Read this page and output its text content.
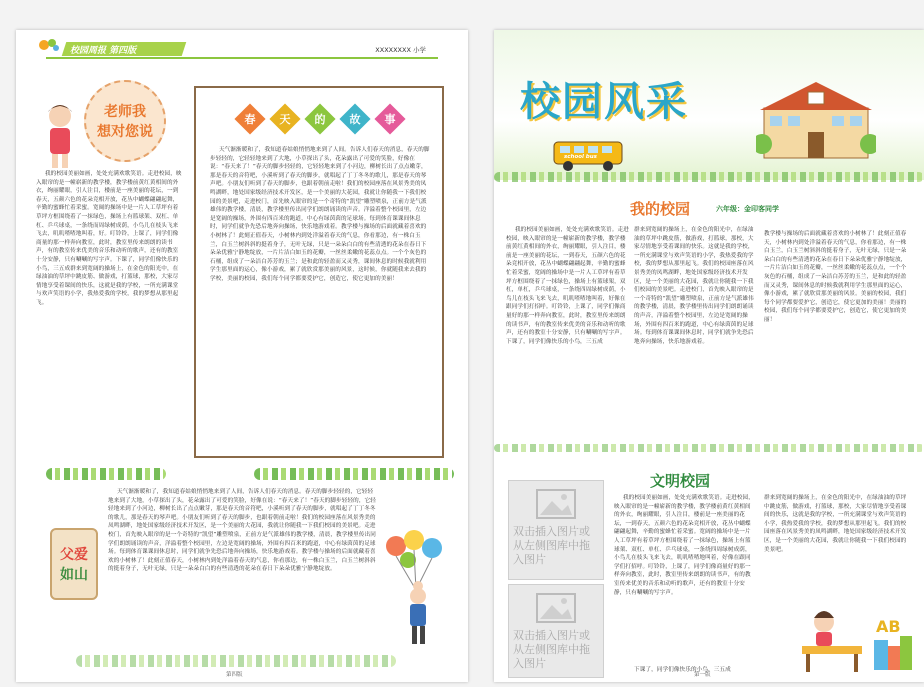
校园周报 第四版	XXXXXXXX 小学
老师我
想对您说
我的校园美丽如画，处处充满欢歌笑语。走进校园，映入眼帘的是一幢崭新的教学楼，教学楼前黄红黄相间的外衣，绚丽耀眼，引人注目，楼前是一座美丽的花坛，一到春天，五颜六色的花朵竞相开放，花丛中蝴蝶翩翩起舞，辛勤的蜜蜂忙着采蜜。宽阔的操场中是一片人工草坪有着草坪方框围绕着了一抹绿色，操场上有篮球架、双杠、单杠、乒乓球桌，一条绕而周绿树成荫，小鸟儿在枝头飞来飞去，叽叽喳喳地叫着，好。叮铃铃，上课了，同学们像商量的那一样奔向教室，此时，教室里传来朗朗的读书声，有的教室传来优美的音乐和动听的歌声，还有的教室十分安静，只有唰唰的写字声。下课了，同学们像快乐的小鸟，三五成群来到宽阔的操场上，在金色的阳光中，在绿油油的草坪中跳皮筋、做游戏，打篮球，那校，大家尽情地享受着课间的快乐，这就是我的学校，一所充满课堂与欢声笑语的小学，我热爱我的学校，我的梦想从那里起飞。
春
	天
	的
	故
	事
天气渐渐暖和了，我知道春姑娘悄悄地来到了人间。告诉人们春天的消息，春天的脚步轻轻的，它轻轻地来到了大地，小草探出了头，花朵露出了可爱的笑脸，好像在说：“春天来了！”春天的脚步轻轻的，它轻轻地来到了小河边，柳树长出了点点嫩芽，那是春天的音符吧，小溪听到了春天的脚步，就唱起了丁丁冬冬的歌儿，那是春天的琴声吧。小朋友们听到了春天的脚步，也跟着朝前走啦！我们的校园座落在风景秀美的凤鸣湖畔，地处国家级经济技术开发区，是一个美丽的大花园，我就让你随我一下我们校园的美景吧，走进校门，首先映入眼帘的是一个奇特的“凯望”雕塑喷泉，正前方是气派雄伟的教学楼，清晨，教学楼里传出同学们朗朗诵读的声音。洋溢着整个校园里，左边是宽阔的操场，外围有四百米的跑道，中心有绿茵茵的足球场。每到体育课课间休息时，同学们就争先恐后地奔向操场，快乐地游戏着。教学楼与操场的后面就藏着喜欢的小树林了！此刻正值春天，小树林内到处洋溢着春天的气息，你看那边，有一株白玉兰，白玉兰树斜斜的挺着身子，无叶无绿，只是一朵朵白白的有些清透的花朵在春日下朵朵优雅宁静地绽放，一片片洁白如玉的花瓣，一丝丝柔嫩的花蕊点点。一个个灰色的石桶，组成了一朵洁白苏芳的玉兰；是和此的轻盈而又灵秀，课间休息的时候我就利用学生那里面的运心，像小游戏，累了就欣赏那美丽的风景，这时候，你就随我来去我的学校，美丽的校园，我们每个同学都要爱护它，创造它，使它更加的美丽！
父爱
如山
天气渐渐暖和了，我知道春姑娘悄悄地来到了人间，告诉人们春天的消息。春天的脚步轻轻的，它轻轻地来到了大地，小草探出了头，花朵露出了可爱的笑脸，好像在说：“春天来了！”春天的脚步轻轻的，它轻轻地来到了小河边，柳树长出了点点嫩芽，那是春天的音符吧，小溪听到了春天的脚步，就唱起了丁丁冬冬的歌儿，那是春天的琴声吧。小朋友们听到了春天的脚步，也跟着朝前走啦！我们的校园座落在风景秀美的凤鸣湖畔，地处国家级经济技术开发区，是一个美丽的大花园，我就让你随我一下我们校园的美景吧。走进校门，首先映入眼帘的是一个奇特的“凯望”雕塑喷泉，正前方是气派雄伟的教学楼，清晨，教学楼里传出同学们朗朗诵读的声音，洋溢着整个校园里，左边是宽阔的操场，外围有四百米的跑道，中心有绿茵茵的足球场。每到体育课课间休息时，同学们就争先恐后地奔向操场，快乐地游戏着。教学楼与操场的后面就藏着喜欢的小树林了！此刻正值春天，小树林内到处洋溢着春天的气息，你看那边，有一株白玉兰，白玉兰树斜斜的挺着身子，无叶无绿，只是一朵朵白白的有些清透的花朵在春日下朵朵优雅宁静地绽放。
第四版
校园风采
school bus
我的校园	六年级：金印客同学
我的校园美丽如画，处处充满欢歌笑语。走进校园，映入眼帘的是一幢崭新的教学楼，教学楼前黄红黄相间的外衣，绚丽耀眼，引人注目，楼前是一座美丽的花坛，一到春天，五颜六色的花朵竞相开放，花丛中蝴蝶翩翩起舞，辛勤的蜜蜂忙着采蜜，宽阔的操场中是一片人工草坪有着草坪方框围绕着了一抹绿色，操场上有篮球架，双杠，单杠，乒乓球桌，一条绕四周绿树成荫，小鸟儿在枝头飞来飞去，叽叽喳喳地叫着，好像在跟同学们打招呼。叮铃铃，上课了，同学们像商量好的那一样奔向教室，此时，教室里传来朗朗的读书声，有的教室传来优美的音乐和动听的歌声，还有的教室十分安静，只有唰唰的写字声。下课了，同学们像快乐的小鸟，三五成
群来到宽阔的操场上，在金色的阳光中，在绿油油的草坪中跳皮筋，做游戏，打篮球，那校，大家尽情地享受着课间的快乐。这就是我的学校，一所充满课堂与欢声笑语的小学，我热爱我的学校，我的梦想从那里起飞。我们的校园座落在风景秀美的凤鸣湖畔，地处国家级经济技术开发区，是一个美丽的大花园，我就让你随我一下我们校园的美景吧。走进校门，首先映入眼帘的是一个奇特的“凯望”雕塑喷泉，正前方是气派雄伟的教学楼，清晨，教学楼里传出同学们朗朗诵读的声音，洋溢着整个校园里，左边是宽阔的操场，外围有四百米的跑道，中心有绿茵茵的足球场。每到体育课课间休息时，同学们就争先恐后地奔向操场，快乐地游戏着。
教学楼与操场的后面就藏着喜欢的小树林了！此刻正值春天，小树林内到处洋溢着春天的气息，你看那边，有一株白玉兰，白玉兰树斜斜的挺着身子，无叶无绿，只是一朵朵白白的有些清透的花朵在春日下朵朵优雅宁静地绽放，一片片洁白如玉的花瓣，一丝丝柔嫩的花蕊点点，一个个灰色的石桶，组成了一朵洁白苏芳的玉兰，是和此的轻盈而又灵秀，课间休息的时候我就利用学生那里面的运心，像小游戏，累了就欣赏那美丽的风景。美丽的校园，我们每个同学都要爱护它，创造它，使它更加的美丽！美丽的校园，我们每个同学都要爱护它，创造它，使它更加的美丽！
文明校园
双击插入图片或从左侧图库中拖入图片
双击插入图片或从左侧图库中拖入图片
我的校园美丽如画，处处充满欢歌笑语。走进校园，映入眼帘的是一幢崭新的教学楼，教学楼前黄红黄相间的外衣，绚丽耀眼，引人注目，楼前是一座美丽的花坛，一到春天，五颜六色的花朵竞相开放，花丛中蝴蝶翩翩起舞，辛勤的蜜蜂忙着采蜜。宽阔的操场中是一片人工草坪有着草坪方框围绕着了一抹绿色，操场上有篮球架、双杠、单杠、乒乓球桌，一条绕四周绿树成荫，小鸟儿在枝头飞来飞去，叽叽喳喳地叫着，好像在跟同学们打招呼。叮铃铃，上课了，同学们像商量好的那一样奔向教室，此时，教室里传来朗朗的读书声，有的教室传来优美的音乐和动听的歌声，还有的教室十分安静，只有唰唰的写字声。
群来到宽阔的操场上，在金色的阳光中，在绿油油的草坪中跳皮筋，做游戏，打篮球，那校，大家尽情地享受着课间的快乐，这就是我的学校，一所充满课堂与欢声笑语的小学，我热爱我的学校，我的梦想从那里起飞。我们的校园座落在风景秀美的凤鸣湖畔，地处国家级经济技术开发区，是一个美丽的大花园，我就让你随我一下我们校园的美景吧。
下课了，同学们像快乐的小鸟，三五成
AB
第一版
